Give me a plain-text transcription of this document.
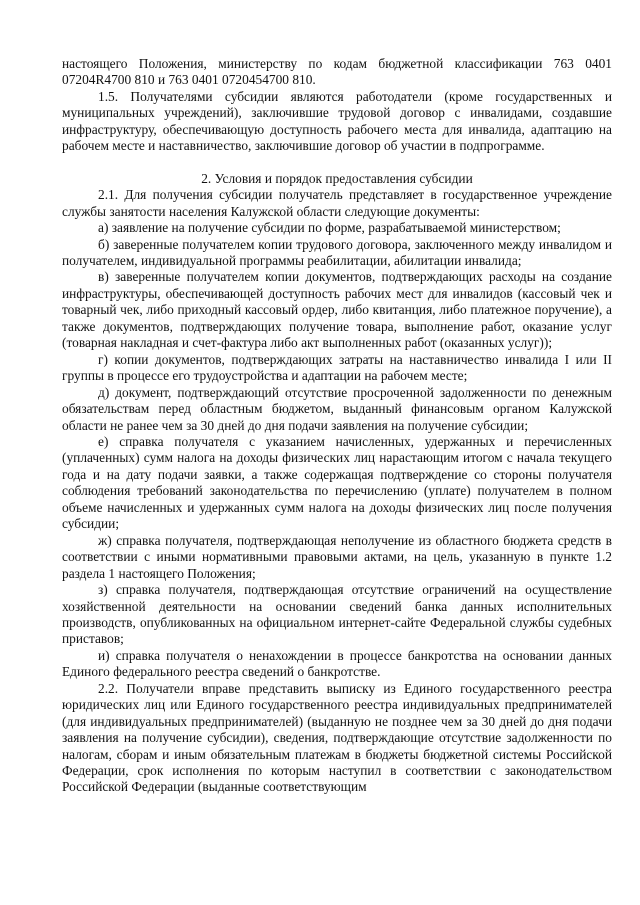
настоящего Положения, министерству по кодам бюджетной классификации 763 0401 07204R4700 810 и 763 0401 0720454700 810.

1.5. Получателями субсидии являются работодатели (кроме государственных и муниципальных учреждений), заключившие трудовой договор с инвалидами, создавшие инфраструктуру, обеспечивающую доступность рабочего места для инвалида, адаптацию на рабочем месте и наставничество, заключившие договор об участии в подпрограмме.

2. Условия и порядок предоставления субсидии

2.1. Для получения субсидии получатель представляет в государственное учреждение службы занятости населения Калужской области следующие документы:

а) заявление на получение субсидии по форме, разрабатываемой министерством;

б) заверенные получателем копии трудового договора, заключенного между инвалидом и получателем, индивидуальной программы реабилитации, абилитации инвалида;

в) заверенные получателем копии документов, подтверждающих расходы на создание инфраструктуры, обеспечивающей доступность рабочих мест для инвалидов (кассовый чек и товарный чек, либо приходный кассовый ордер, либо квитанция, либо платежное поручение), а также документов, подтверждающих получение товара, выполнение работ, оказание услуг (товарная накладная и счет-фактура либо акт выполненных работ (оказанных услуг));

г) копии документов, подтверждающих затраты на наставничество инвалида I или II группы в процессе его трудоустройства и адаптации на рабочем месте;

д) документ, подтверждающий отсутствие просроченной задолженности по денежным обязательствам перед областным бюджетом, выданный финансовым органом Калужской области не ранее чем за 30 дней до дня подачи заявления на получение субсидии;

е) справка получателя с указанием начисленных, удержанных и перечисленных (уплаченных) сумм налога на доходы физических лиц нарастающим итогом с начала текущего года и на дату подачи заявки, а также содержащая подтверждение со стороны получателя соблюдения требований законодательства по перечислению (уплате) получателем в полном объеме начисленных и удержанных сумм налога на доходы физических лиц после получения субсидии;

ж) справка получателя, подтверждающая неполучение из областного бюджета средств в соответствии с иными нормативными правовыми актами, на цель, указанную в пункте 1.2 раздела 1 настоящего Положения;

з) справка получателя, подтверждающая отсутствие ограничений на осуществление хозяйственной деятельности на основании сведений банка данных исполнительных производств, опубликованных на официальном интернет-сайте Федеральной службы судебных приставов;

и) справка получателя о ненахождении в процессе банкротства на основании данных Единого федерального реестра сведений о банкротстве.

2.2. Получатели вправе представить выписку из Единого государственного реестра юридических лиц или Единого государственного реестра индивидуальных предпринимателей (для индивидуальных предпринимателей) (выданную не позднее чем за 30 дней до дня подачи заявления на получение субсидии), сведения, подтверждающие отсутствие задолженности по налогам, сборам и иным обязательным платежам в бюджеты бюджетной системы Российской Федерации, срок исполнения по которым наступил в соответствии с законодательством Российской Федерации (выданные соответствующим
